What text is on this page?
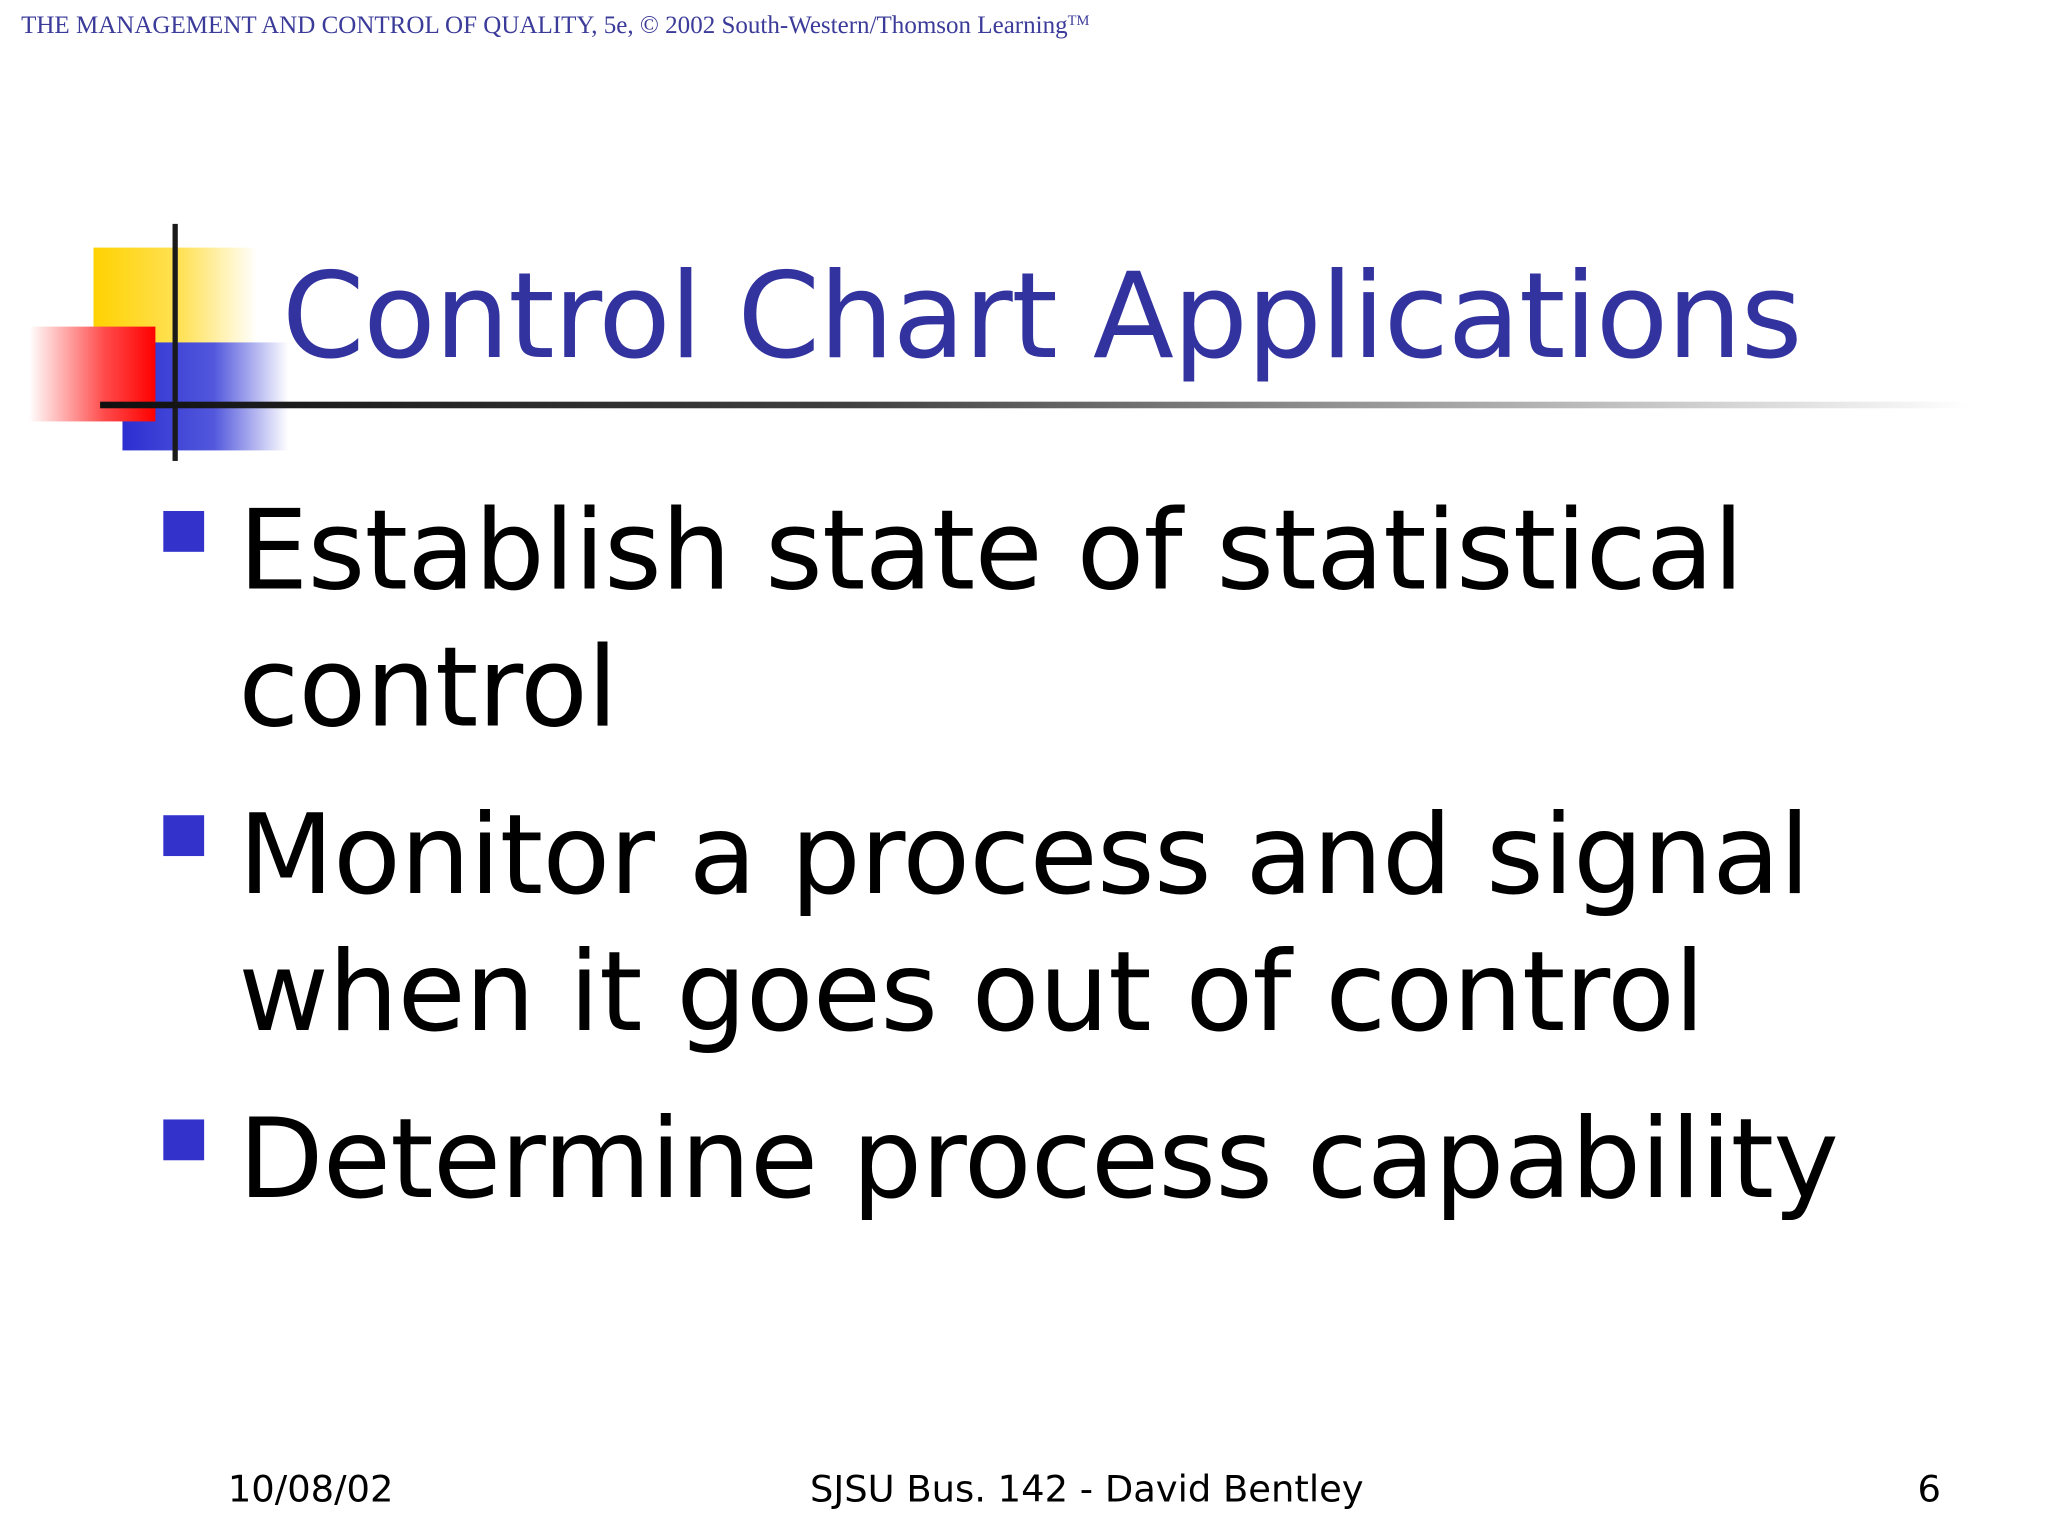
THE MANAGEMENT AND CONTROL OF QUALITY, 5e, © 2002 South-Western/Thomson Learning™
Control Chart Applications
Establish state of statistical control
Monitor a process and signal when it goes out of control
Determine process capability
10/08/02	SJSU Bus. 142 - David Bentley	6
